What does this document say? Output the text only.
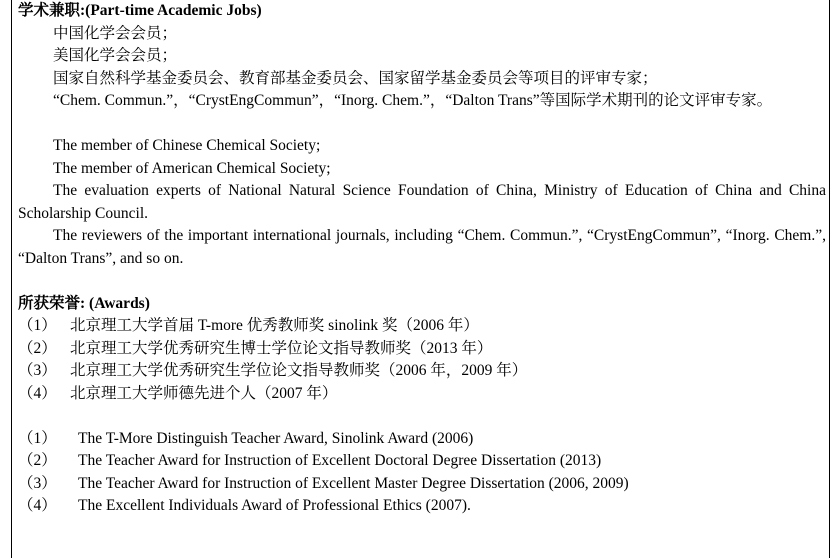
学术兼职:(Part-time Academic Jobs)

中国化学会会员；

美国化学会会员；

国家自然科学基金委员会、教育部基金委员会、国家留学基金委员会等项目的评审专家；

“Chem. Commun.”，“CrystEngCommun”，“Inorg. Chem.”，“Dalton Trans”等国际学术期刊的论文评审专家。

The member of Chinese Chemical Society;

The member of American Chemical Society;

The evaluation experts of National Natural Science Foundation of China, Ministry of Education of China and China Scholarship Council.

The reviewers of the important international journals, including “Chem. Commun.”, “CrystEngCommun”, “Inorg. Chem.”, “Dalton Trans”, and so on.

所获荣誉: (Awards)

（1） 北京理工大学首届 T-more 优秀教师奖 sinolink 奖（2006 年）

（2） 北京理工大学优秀研究生博士学位论文指导教师奖（2013 年）

（3） 北京理工大学优秀研究生学位论文指导教师奖（2006 年，2009 年）

（4） 北京理工大学师德先进个人（2007 年）

（1） The T-More Distinguish Teacher Award, Sinolink Award (2006)

（2） The Teacher Award for Instruction of Excellent Doctoral Degree Dissertation (2013)

（3） The Teacher Award for Instruction of Excellent Master Degree Dissertation (2006, 2009)

（4） The Excellent Individuals Award of Professional Ethics (2007).
